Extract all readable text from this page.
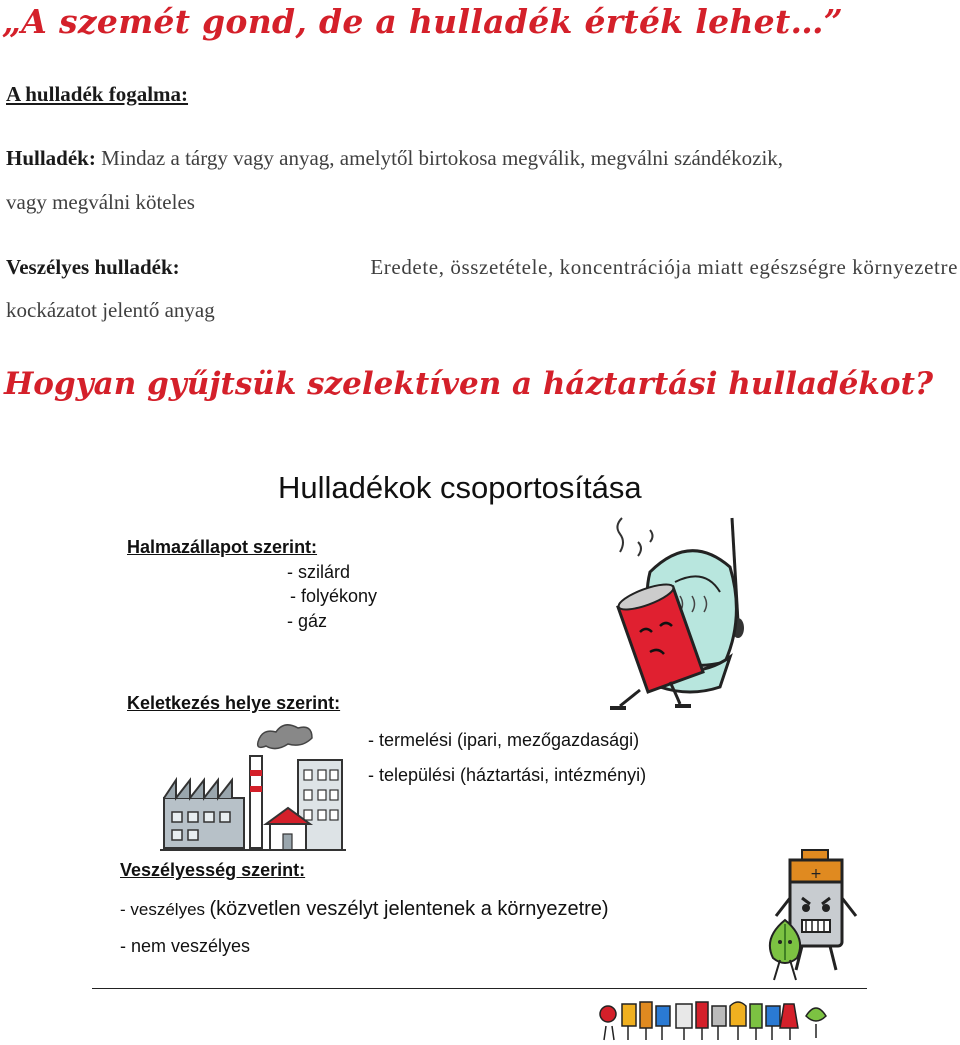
„A szemét gond, de a hulladék érték lehet…”
A hulladék fogalma:
Hulladék: Mindaz a tárgy vagy anyag, amelytől birtokosa megválik, megválni szándékozik,
vagy megválni köteles
Veszélyes hulladék:	Eredete, összetétele, koncentrációja miatt egészségre környezetre
kockázatot jelentő anyag
Hogyan gyűjtsük szelektíven a háztartási hulladékot?
Hulladékok csoportosítása
Halmazállapot szerint:
- szilárd
- folyékony
- gáz
Keletkezés helye szerint:
- termelési (ipari, mezőgazdasági)
- települési (háztartási, intézményi)
Veszélyesség szerint:
- veszélyes (közvetlen veszélyt jelentenek a környezetre)
- nem veszélyes
+
